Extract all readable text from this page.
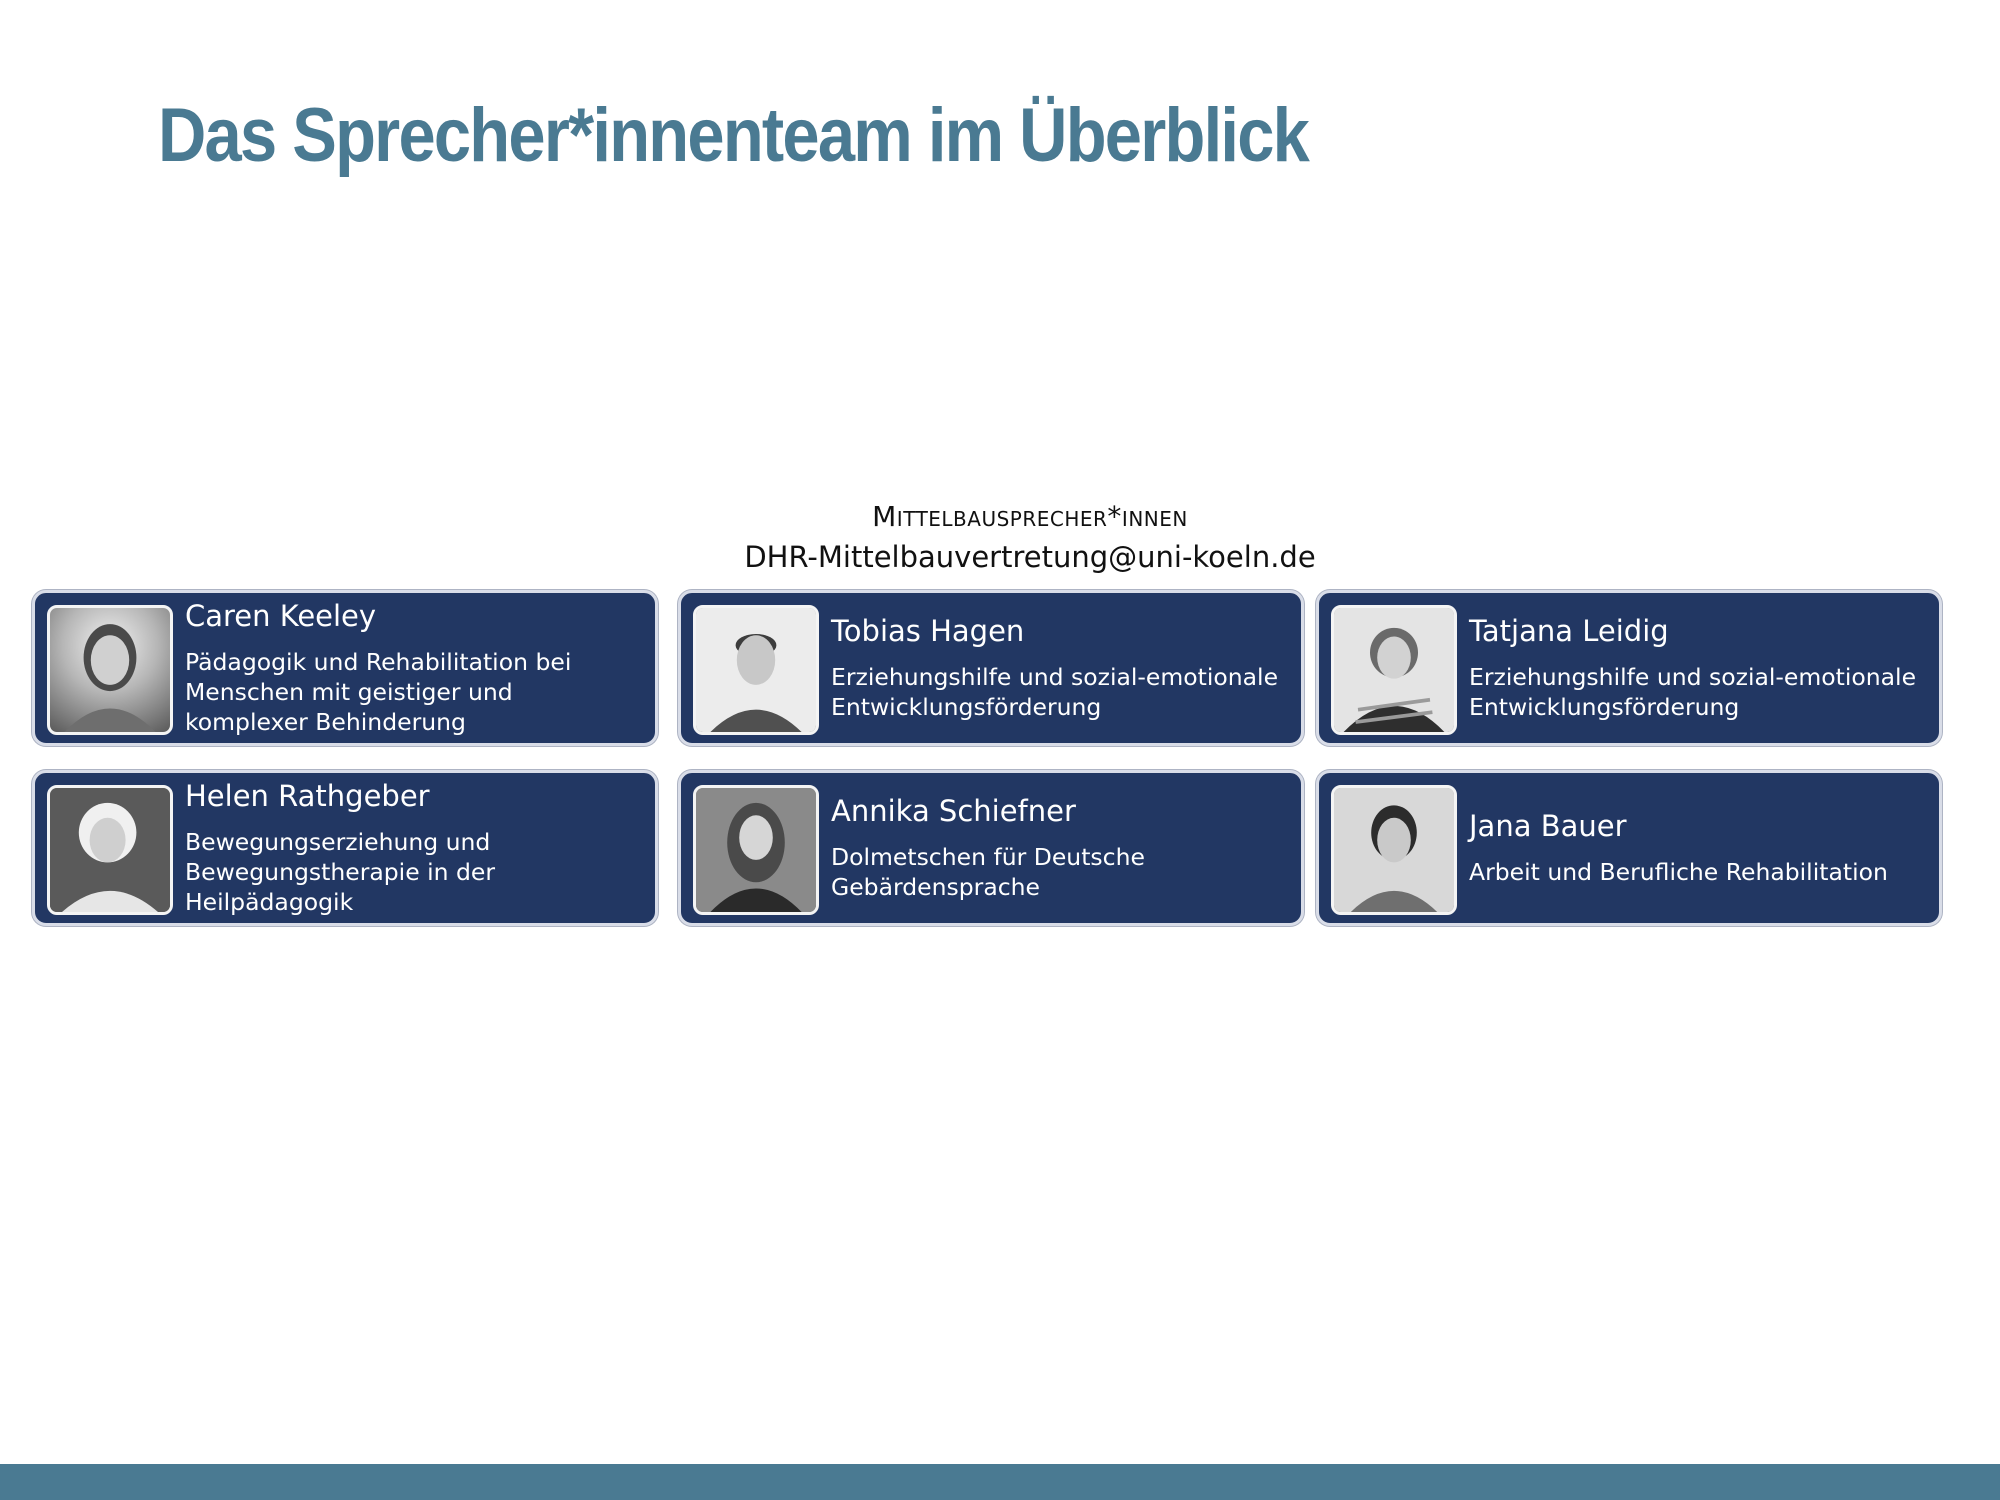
Das Sprecher*innenteam im Überblick
Mittelbausprecher*innen
DHR-Mittelbauvertretung@uni-koeln.de
Caren Keeley
Pädagogik und Rehabilitation bei Menschen mit geistiger und komplexer Behinderung
Tobias Hagen
Erziehungshilfe und sozial-emotionale Entwicklungsförderung
Tatjana Leidig
Erziehungshilfe und sozial-emotionale Entwicklungsförderung
Helen Rathgeber
Bewegungserziehung und Bewegungstherapie in der Heilpädagogik
Annika Schiefner
Dolmetschen für Deutsche Gebärdensprache
Jana Bauer
Arbeit und Berufliche Rehabilitation
